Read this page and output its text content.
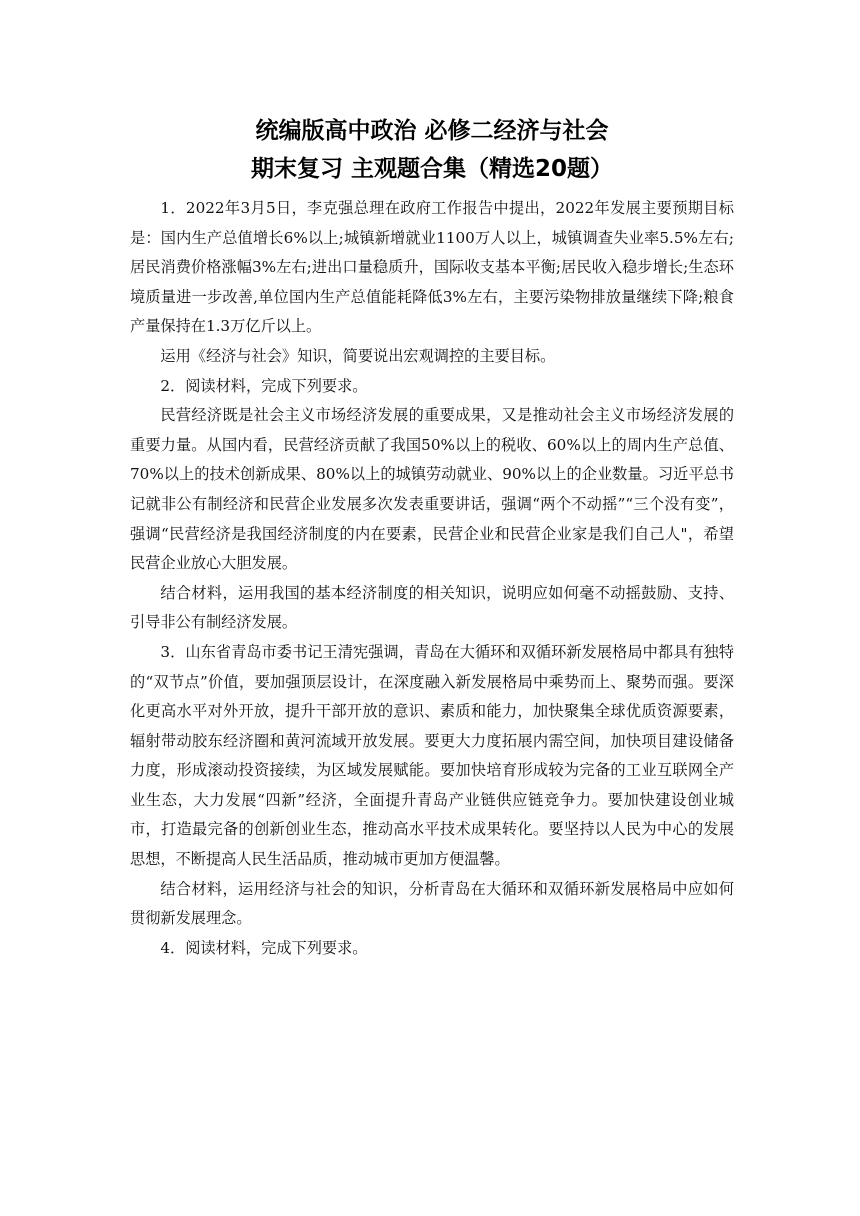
统编版高中政治 必修二经济与社会
期末复习 主观题合集（精选20题）

1．2022年3月5日，李克强总理在政府工作报告中提出，2022年发展主要预期目标是：国内生产总值增长6%以上;城镇新增就业1100万人以上，城镇调查失业率5.5%左右;居民消费价格涨幅3%左右;进出口量稳质升，国际收支基本平衡;居民收入稳步增长;生态环境质量进一步改善,单位国内生产总值能耗降低3%左右，主要污染物排放量继续下降;粮食产量保持在1.3万亿斤以上。

运用《经济与社会》知识，简要说出宏观调控的主要目标。

2．阅读材料，完成下列要求。

民营经济既是社会主义市场经济发展的重要成果，又是推动社会主义市场经济发展的重要力量。从国内看，民营经济贡献了我国50%以上的税收、60%以上的周内生产总值、70%以上的技术创新成果、80%以上的城镇劳动就业、90%以上的企业数量。习近平总书记就非公有制经济和民营企业发展多次发表重要讲话，强调“两个不动摇”“三个没有变”，强调“民营经济是我国经济制度的内在要素，民营企业和民营企业家是我们自己人"，希望民营企业放心大胆发展。

结合材料，运用我国的基本经济制度的相关知识，说明应如何毫不动摇鼓励、支持、引导非公有制经济发展。

3．山东省青岛市委书记王清宪强调，青岛在大循环和双循环新发展格局中都具有独特的“双节点”价值，要加强顶层设计，在深度融入新发展格局中乘势而上、聚势而强。要深化更高水平对外开放，提升干部开放的意识、素质和能力，加快聚集全球优质资源要素，辐射带动胶东经济圈和黄河流域开放发展。要更大力度拓展内需空间，加快项目建设储备力度，形成滚动投资接续，为区域发展赋能。要加快培育形成较为完备的工业互联网全产业生态，大力发展“四新”经济，全面提升青岛产业链供应链竞争力。要加快建设创业城市，打造最完备的创新创业生态，推动高水平技术成果转化。要坚持以人民为中心的发展思想，不断提高人民生活品质，推动城市更加方便温馨。

结合材料，运用经济与社会的知识，分析青岛在大循环和双循环新发展格局中应如何贯彻新发展理念。

4．阅读材料，完成下列要求。
